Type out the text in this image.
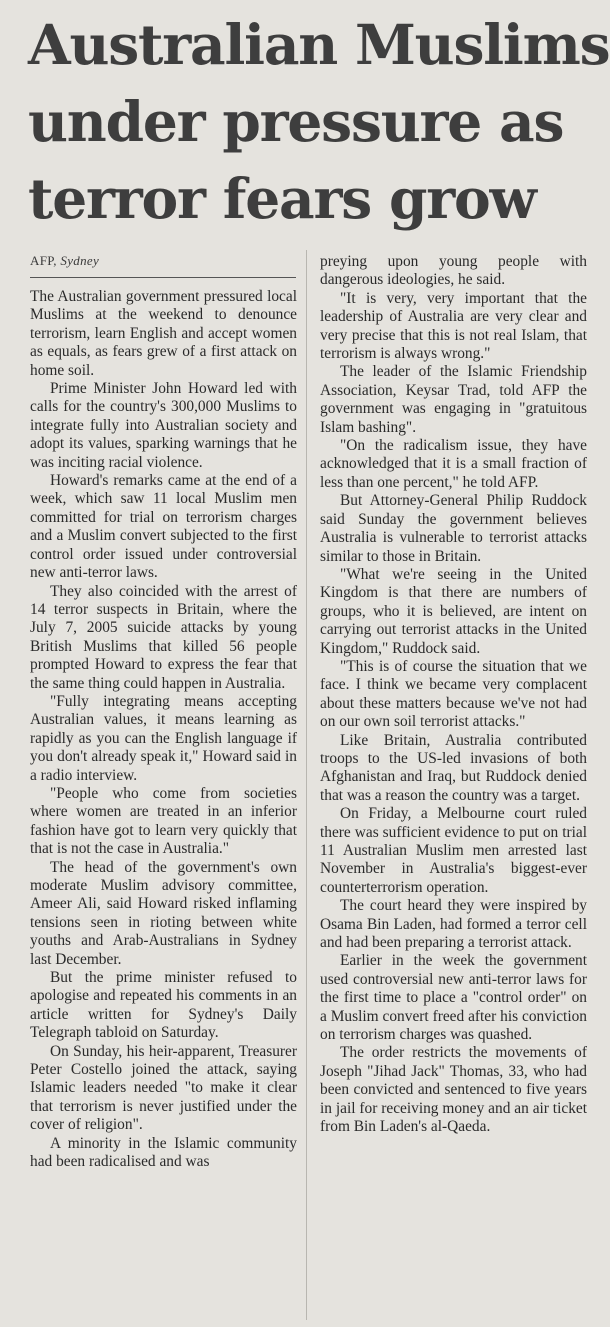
Australian Muslims
under pressure as
terror fears grow
AFP, Sydney

The Australian government pressured local Muslims at the weekend to denounce terrorism, learn English and accept women as equals, as fears grew of a first attack on home soil.

Prime Minister John Howard led with calls for the country's 300,000 Muslims to integrate fully into Australian society and adopt its values, sparking warnings that he was inciting racial violence.

Howard's remarks came at the end of a week, which saw 11 local Muslim men committed for trial on terrorism charges and a Muslim convert subjected to the first control order issued under controversial new anti-terror laws.

They also coincided with the arrest of 14 terror suspects in Britain, where the July 7, 2005 suicide attacks by young British Muslims that killed 56 people prompted Howard to express the fear that the same thing could happen in Australia.

"Fully integrating means accepting Australian values, it means learning as rapidly as you can the English language if you don't already speak it," Howard said in a radio interview.

"People who come from societies where women are treated in an inferior fashion have got to learn very quickly that that is not the case in Australia."

The head of the government's own moderate Muslim advisory committee, Ameer Ali, said Howard risked inflaming tensions seen in rioting between white youths and Arab-Australians in Sydney last December.

But the prime minister refused to apologise and repeated his comments in an article written for Sydney's Daily Telegraph tabloid on Saturday.

On Sunday, his heir-apparent, Treasurer Peter Costello joined the attack, saying Islamic leaders needed "to make it clear that terrorism is never justified under the cover of religion".

A minority in the Islamic community had been radicalised and was

preying upon young people with dangerous ideologies, he said.

"It is very, very important that the leadership of Australia are very clear and very precise that this is not real Islam, that terrorism is always wrong."

The leader of the Islamic Friendship Association, Keysar Trad, told AFP the government was engaging in "gratuitous Islam bashing".

"On the radicalism issue, they have acknowledged that it is a small fraction of less than one percent," he told AFP.

But Attorney-General Philip Ruddock said Sunday the government believes Australia is vulnerable to terrorist attacks similar to those in Britain.

"What we're seeing in the United Kingdom is that there are numbers of groups, who it is believed, are intent on carrying out terrorist attacks in the United Kingdom," Ruddock said.

"This is of course the situation that we face. I think we became very complacent about these matters because we've not had on our own soil terrorist attacks."

Like Britain, Australia contributed troops to the US-led invasions of both Afghanistan and Iraq, but Ruddock denied that was a reason the country was a target.

On Friday, a Melbourne court ruled there was sufficient evidence to put on trial 11 Australian Muslim men arrested last November in Australia's biggest-ever counterterrorism operation.

The court heard they were inspired by Osama Bin Laden, had formed a terror cell and had been preparing a terrorist attack.

Earlier in the week the government used controversial new anti-terror laws for the first time to place a "control order" on a Muslim convert freed after his conviction on terrorism charges was quashed.

The order restricts the movements of Joseph "Jihad Jack" Thomas, 33, who had been convicted and sentenced to five years in jail for receiving money and an air ticket from Bin Laden's al-Qaeda.
